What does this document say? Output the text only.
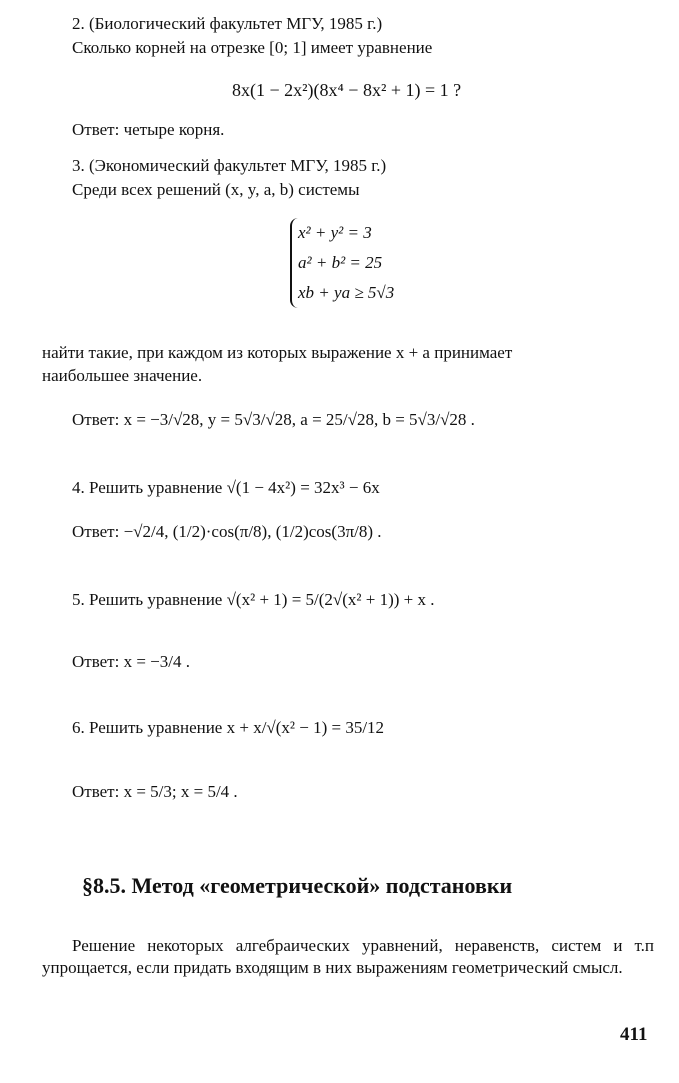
2. (Биологический факультет МГУ, 1985 г.)
Сколько корней на отрезке [0; 1] имеет уравнение
8x(1 − 2x²)(8x⁴ − 8x² + 1) = 1 ?
Ответ: четыре корня.
3. (Экономический факультет МГУ, 1985 г.)
Среди всех решений (x, y, a, b) системы
x² + y² = 3
a² + b² = 25
xb + ya ≥ 5√3
найти такие, при каждом из которых выражение x + a принимает
наибольшее значение.
Ответ: x = −3/√28, y = 5√3/√28, a = 25/√28, b = 5√3/√28 .
4. Решить уравнение √(1 − 4x²) = 32x³ − 6x
Ответ: −√2/4, (1/2)·cos(π/8), (1/2)cos(3π/8) .
5. Решить уравнение √(x² + 1) = 5/(2√(x² + 1)) + x .
Ответ: x = −3/4 .
6. Решить уравнение x + x/√(x² − 1) = 35/12
Ответ: x = 5/3; x = 5/4 .
§8.5. Метод «геометрической» подстановки
Решение некоторых алгебраических уравнений, неравенств, систем и т.п упрощается, если придать входящим в них выражениям геометрический смысл.
411
